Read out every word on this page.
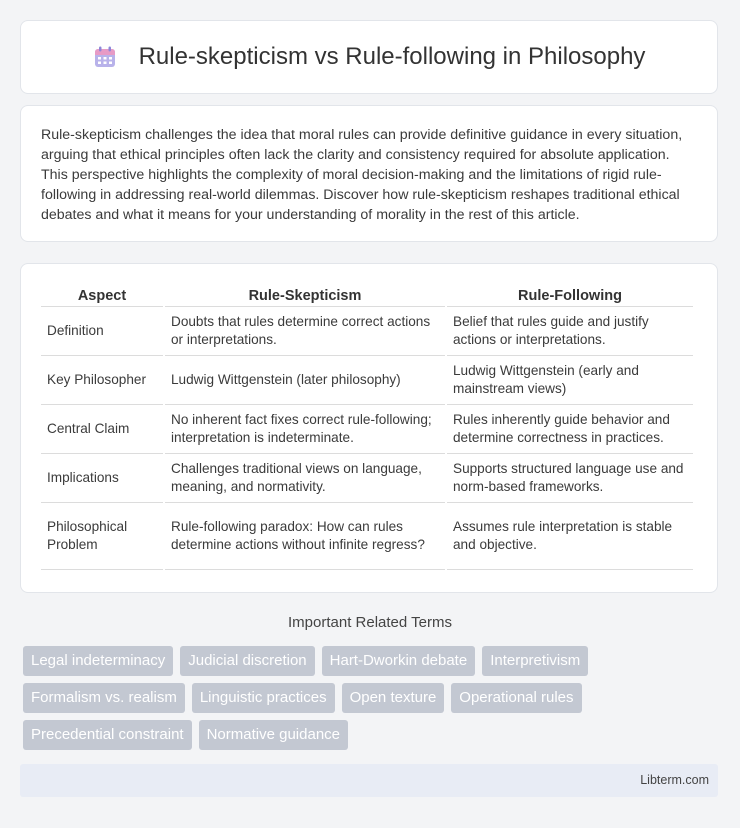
Rule-skepticism vs Rule-following in Philosophy

Rule-skepticism challenges the idea that moral rules can provide definitive guidance in every situation, arguing that ethical principles often lack the clarity and consistency required for absolute application. This perspective highlights the complexity of moral decision-making and the limitations of rigid rule-following in addressing real-world dilemmas. Discover how rule-skepticism reshapes traditional ethical debates and what it means for your understanding of morality in the rest of this article.

Aspect	Rule-Skepticism	Rule-Following
Definition	Doubts that rules determine correct actions or interpretations.	Belief that rules guide and justify actions or interpretations.
Key Philosopher	Ludwig Wittgenstein (later philosophy)	Ludwig Wittgenstein (early and mainstream views)
Central Claim	No inherent fact fixes correct rule-following; interpretation is indeterminate.	Rules inherently guide behavior and determine correctness in practices.
Implications	Challenges traditional views on language, meaning, and normativity.	Supports structured language use and norm-based frameworks.
Philosophical Problem	Rule-following paradox: How can rules determine actions without infinite regress?	Assumes rule interpretation is stable and objective.
Important Related Terms
Legal indeterminacy	Judicial discretion	Hart-Dworkin debate	Interpretivism
Formalism vs. realism	Linguistic practices	Open texture	Operational rules
Precedential constraint	Normative guidance
Libterm.com
